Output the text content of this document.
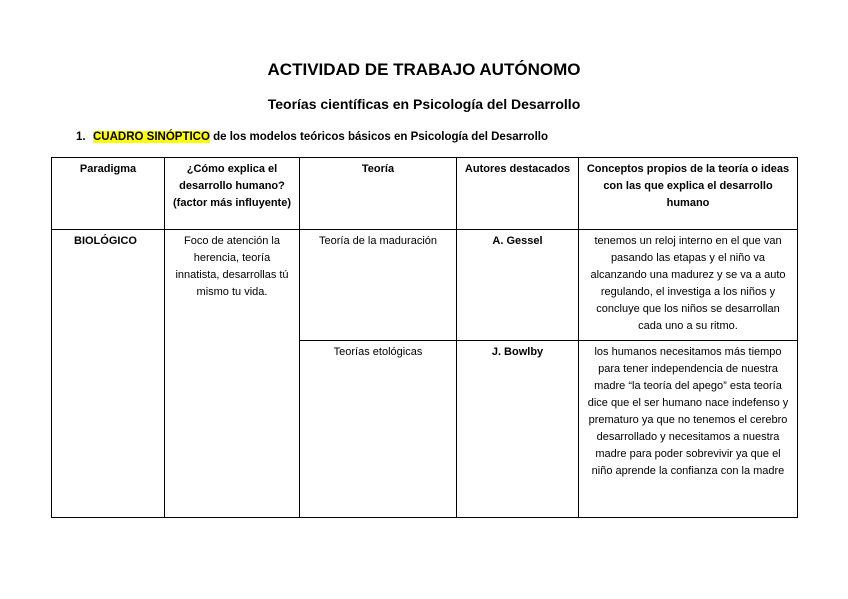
ACTIVIDAD DE TRABAJO AUTÓNOMO
Teorías científicas en Psicología del Desarrollo
1. CUADRO SINÓPTICO de los modelos teóricos básicos en Psicología del Desarrollo
Paradigma	¿Cómo explica el desarrollo humano? (factor más influyente)	Teoría	Autores destacados	Conceptos propios de la teoría o ideas con las que explica el desarrollo humano
BIOLÓGICO	Foco de atención la herencia, teoría innatista, desarrollas tú mismo tu vida.	Teoría de la maduración	A. Gessel	tenemos un reloj interno en el que van pasando las etapas y el niño va alcanzando una madurez y se va a auto regulando, el investiga a los niños y concluye que los niños se desarrollan cada uno a su ritmo.
		Teorías etológicas	J. Bowlby	los humanos necesitamos más tiempo para tener independencia de nuestra madre “la teoría del apego” esta teoría dice que el ser humano nace indefenso y prematuro ya que no tenemos el cerebro desarrollado y necesitamos a nuestra madre para poder sobrevivir ya que el niño aprende la confianza con la madre
